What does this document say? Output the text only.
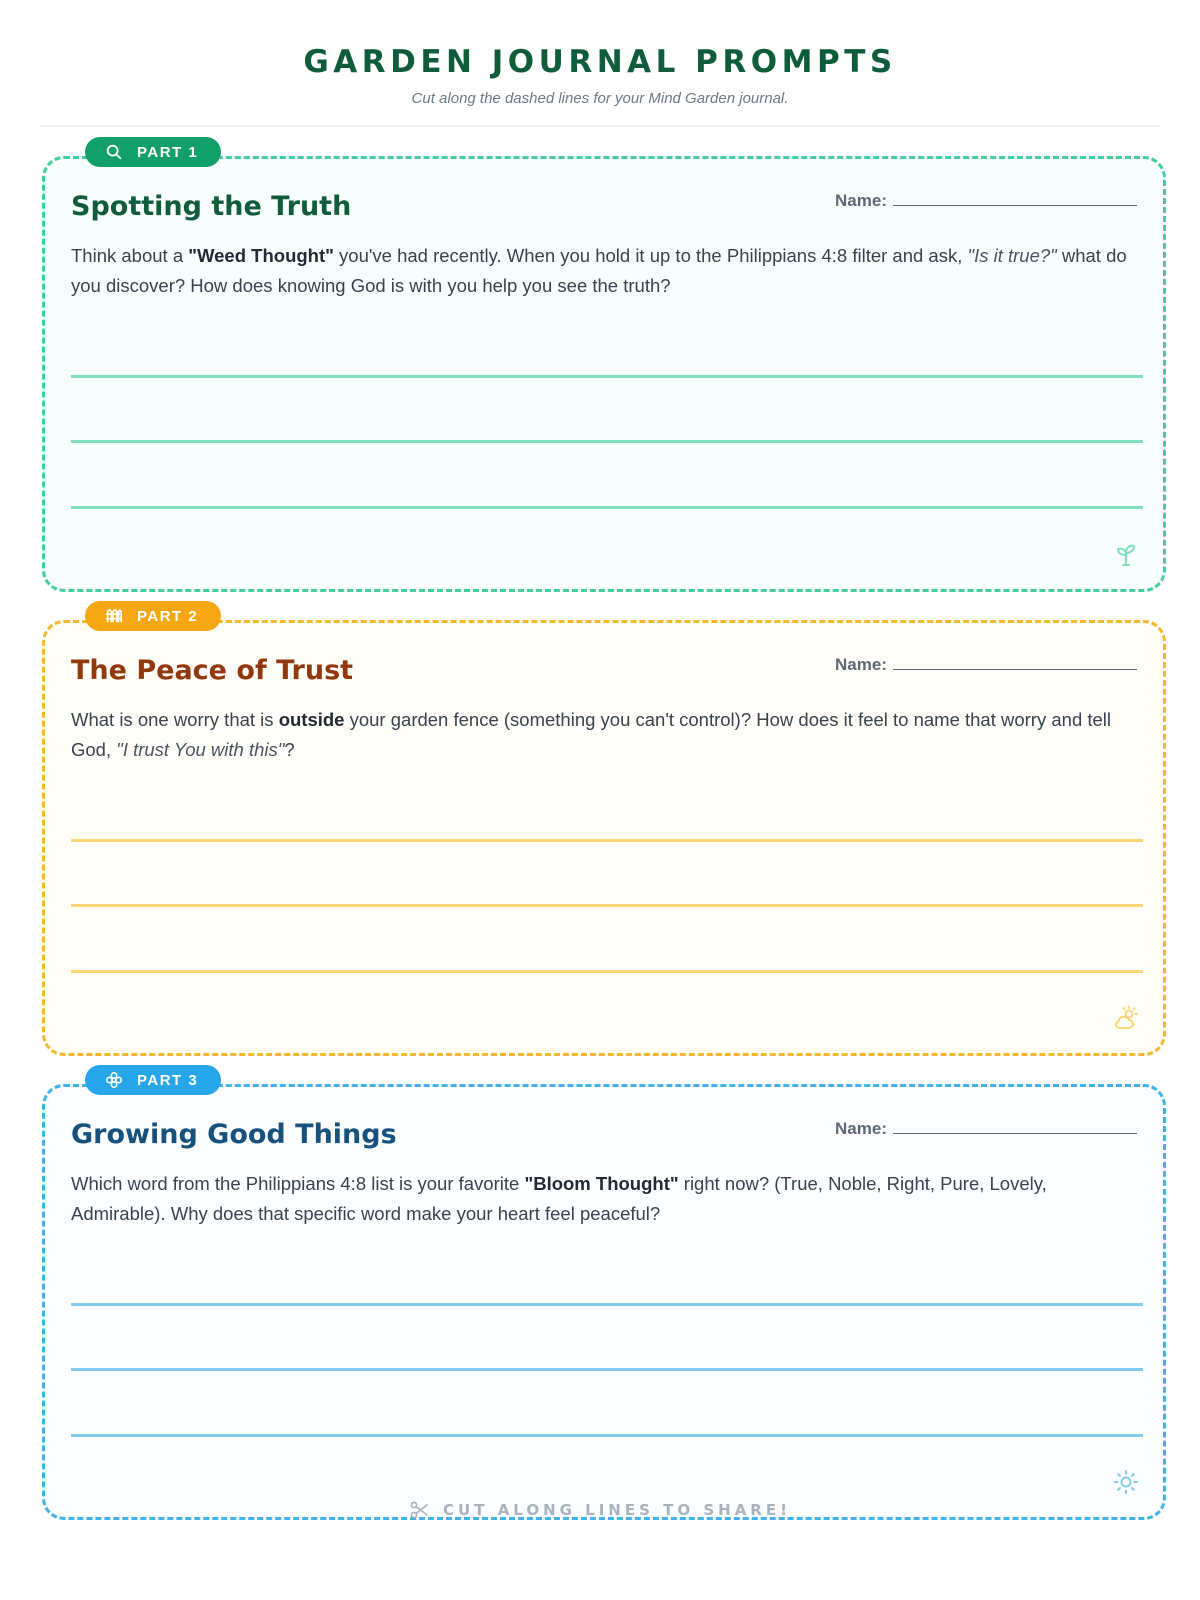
GARDEN JOURNAL PROMPTS
Cut along the dashed lines for your Mind Garden journal.
PART 1
Spotting the Truth	Name:
Think about a "Weed Thought" you've had recently. When you hold it up to the Philippians 4:8 filter and ask, "Is it true?" what do you discover? How does knowing God is with you help you see the truth?
PART 2
The Peace of Trust	Name:
What is one worry that is outside your garden fence (something you can't control)? How does it feel to name that worry and tell God, "I trust You with this"?
PART 3
Growing Good Things	Name:
Which word from the Philippians 4:8 list is your favorite "Bloom Thought" right now? (True, Noble, Right, Pure, Lovely, Admirable). Why does that specific word make your heart feel peaceful?
CUT ALONG LINES TO SHARE!
